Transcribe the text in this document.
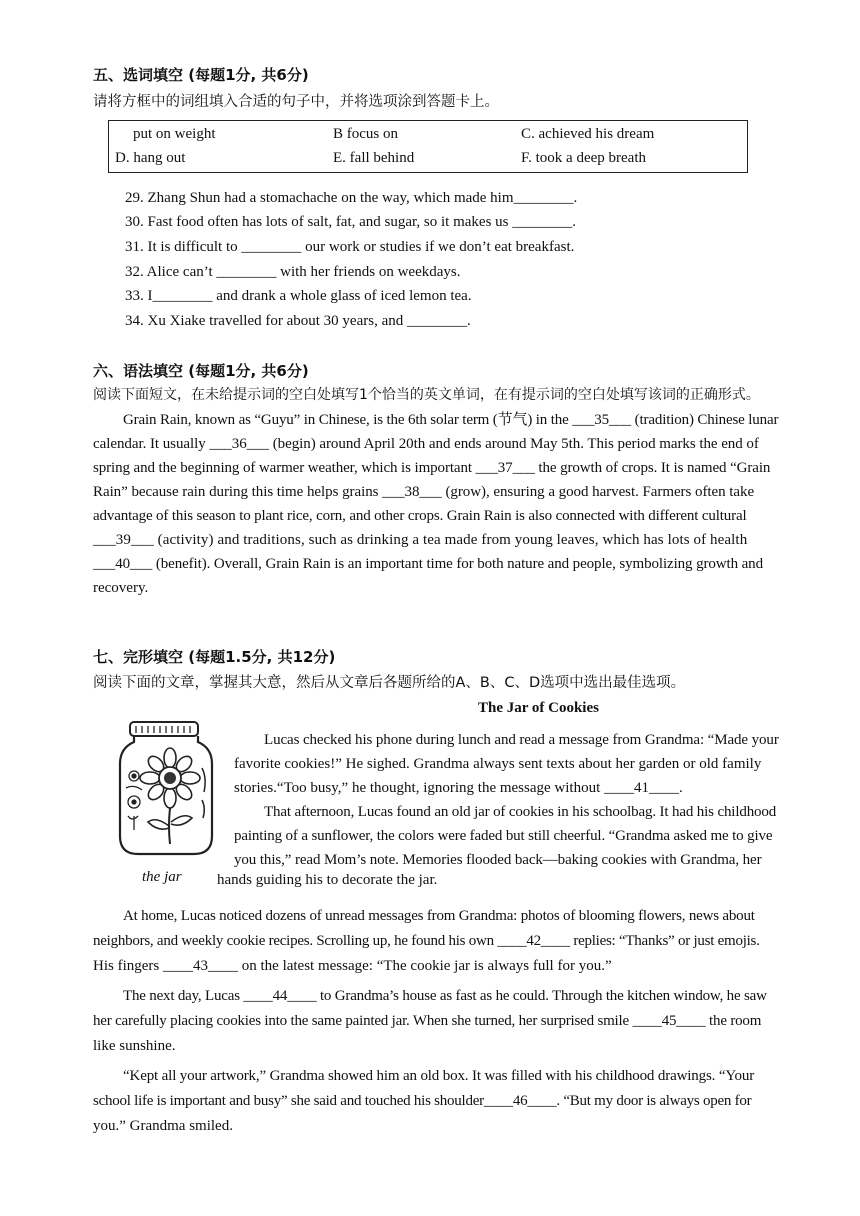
五、选词填空 (每题1分, 共6分)
请将方框中的词组填入合适的句子中，并将选项涂到答题卡上。
put on weight	B focus on	C. achieved his dream
D. hang out	E. fall behind	F. took a deep breath
29. Zhang Shun had a stomachache on the way, which made him________.
30. Fast food often has lots of salt, fat, and sugar, so it makes us ________.
31. It is difficult to ________ our work or studies if we don’t eat breakfast.
32. Alice can’t ________ with her friends on weekdays.
33. I________ and drank a whole glass of iced lemon tea.
34. Xu Xiake travelled for about 30 years, and ________.
六、语法填空 (每题1分, 共6分)
阅读下面短文，在未给提示词的空白处填写1个恰当的英文单词，在有提示词的空白处填写该词的正确形式。
Grain Rain, known as “Guyu” in Chinese, is the 6th solar term (节气) in the ___35___ (tradition) Chinese lunar
calendar. It usually ___36___ (begin) around April 20th and ends around May 5th. This period marks the end of
spring and the beginning of warmer weather, which is important ___37___ the growth of crops. It is named “Grain
Rain” because rain during this time helps grains ___38___ (grow), ensuring a good harvest. Farmers often take
advantage of this season to plant rice, corn, and other crops. Grain Rain is also connected with different cultural
___39___ (activity) and traditions, such as drinking a tea made from young leaves, which has lots of health
___40___ (benefit). Overall, Grain Rain is an important time for both nature and people, symbolizing growth and
recovery.
七、完形填空 (每题1.5分, 共12分)
阅读下面的文章，掌握其大意，然后从文章后各题所给的A、B、C、D选项中选出最佳选项。
The Jar of Cookies
the jar
Lucas checked his phone during lunch and read a message from Grandma: “Made your
favorite cookies!” He sighed. Grandma always sent texts about her garden or old family
stories.“Too busy,” he thought, ignoring the message without ____41____.
That afternoon, Lucas found an old jar of cookies in his schoolbag. It had his childhood
painting of a sunflower, the colors were faded but still cheerful. “Grandma asked me to give
you this,” read Mom’s note. Memories flooded back—baking cookies with Grandma, her
hands guiding his to decorate the jar.
At home, Lucas noticed dozens of unread messages from Grandma: photos of blooming flowers, news about
neighbors, and weekly cookie recipes. Scrolling up, he found his own ____42____ replies: “Thanks” or just emojis.
His fingers ____43____ on the latest message: “The cookie jar is always full for you.”
The next day, Lucas ____44____ to Grandma’s house as fast as he could. Through the kitchen window, he saw
her carefully placing cookies into the same painted jar. When she turned, her surprised smile ____45____ the room
like sunshine.
“Kept all your artwork,” Grandma showed him an old box. It was filled with his childhood drawings. “Your
school life is important and busy” she said and touched his shoulder____46____. “But my door is always open for
you.” Grandma smiled.
